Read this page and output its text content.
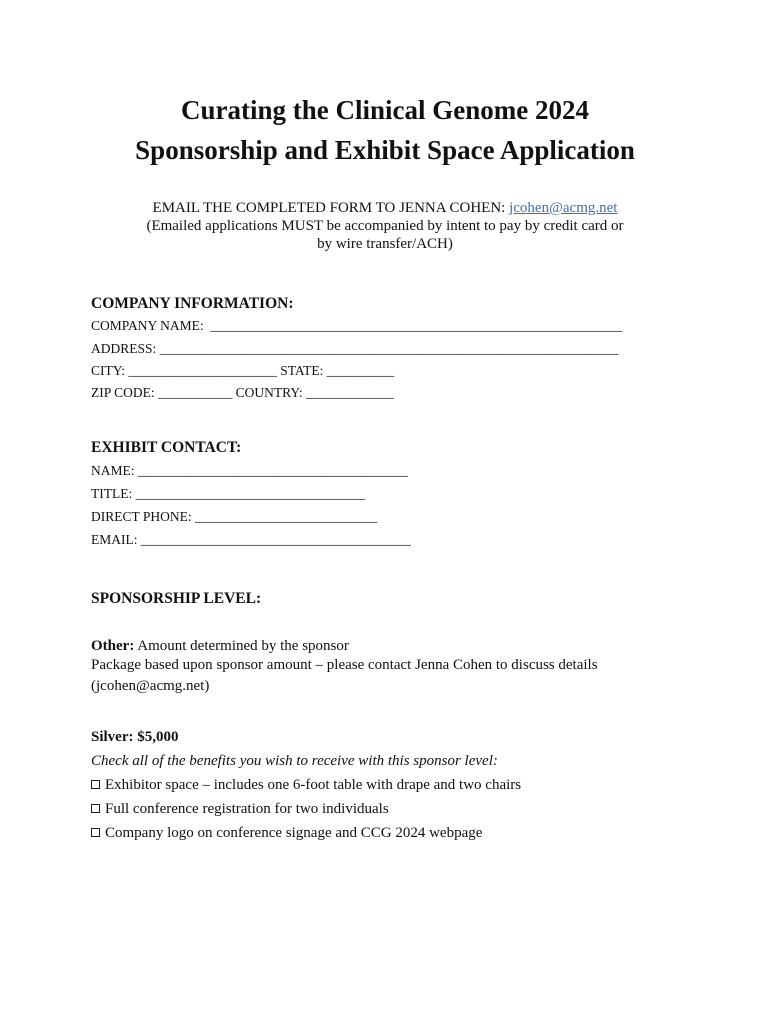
Curating the Clinical Genome 2024
Sponsorship and Exhibit Space Application
EMAIL THE COMPLETED FORM TO JENNA COHEN: jcohen@acmg.net
(Emailed applications MUST be accompanied by intent to pay by credit card or
by wire transfer/ACH)
COMPANY INFORMATION:
COMPANY NAME:  _____________________________________________________________
ADDRESS: ____________________________________________________________________
CITY: ______________________ STATE: __________
ZIP CODE: ___________ COUNTRY: _____________
EXHIBIT CONTACT:
NAME: ________________________________________
TITLE: __________________________________
DIRECT PHONE: ___________________________
EMAIL: ________________________________________
SPONSORSHIP LEVEL:
Other: Amount determined by the sponsor
Package based upon sponsor amount – please contact Jenna Cohen to discuss details
(jcohen@acmg.net)
Silver: $5,000
Check all of the benefits you wish to receive with this sponsor level:
Exhibitor space – includes one 6-foot table with drape and two chairs
Full conference registration for two individuals
Company logo on conference signage and CCG 2024 webpage
